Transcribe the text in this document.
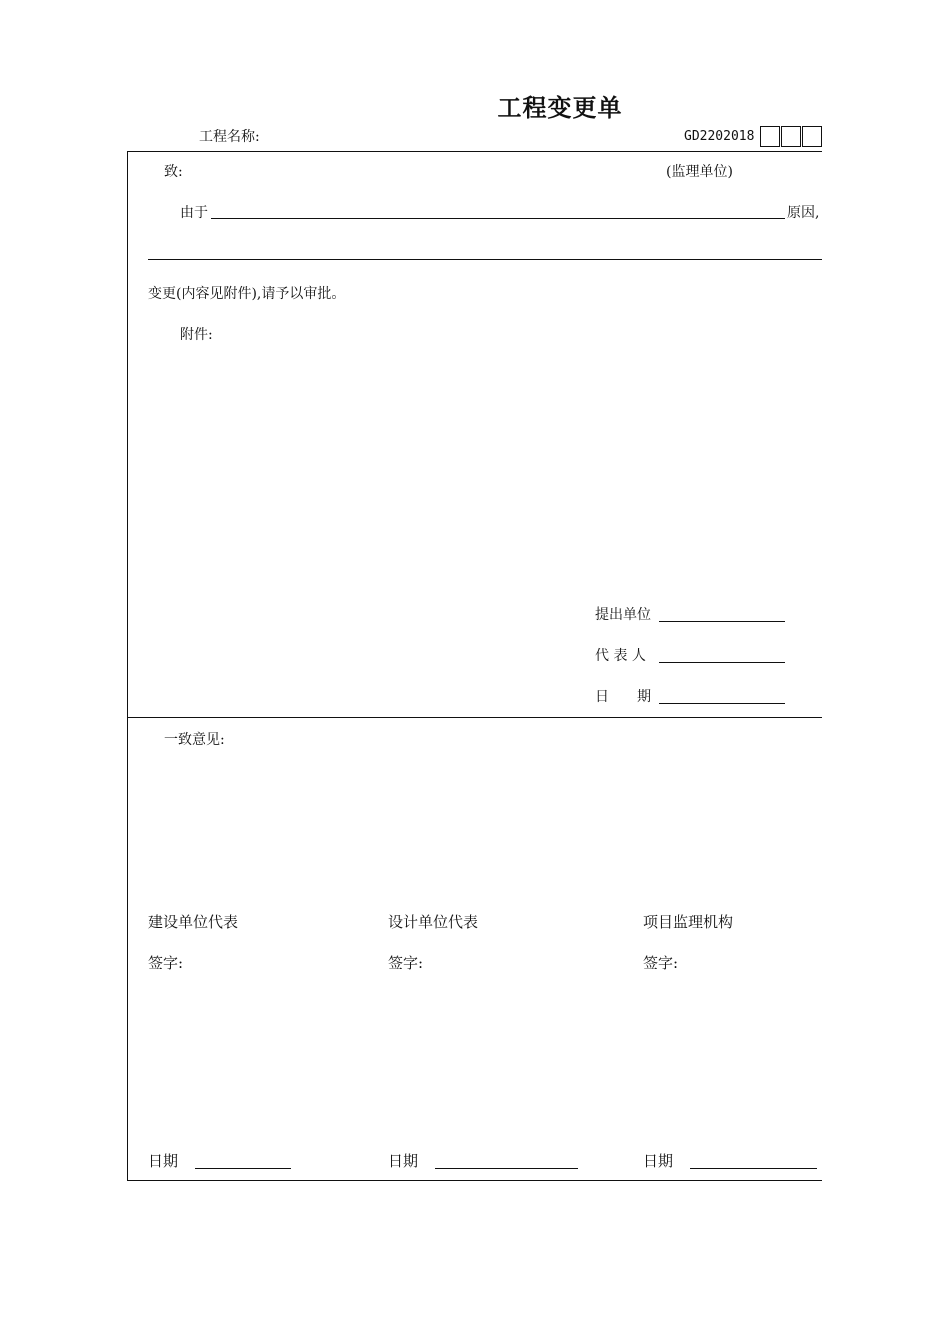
工程变更单
工程名称:	GD2202018
致:	(监理单位)
由于	原因,
变更(内容见附件),请予以审批。
附件:
提出单位
代 表 人
日　　期
一致意见:
建设单位代表	设计单位代表	项目监理机构
签字:	签字:	签字:
日期	日期	日期
